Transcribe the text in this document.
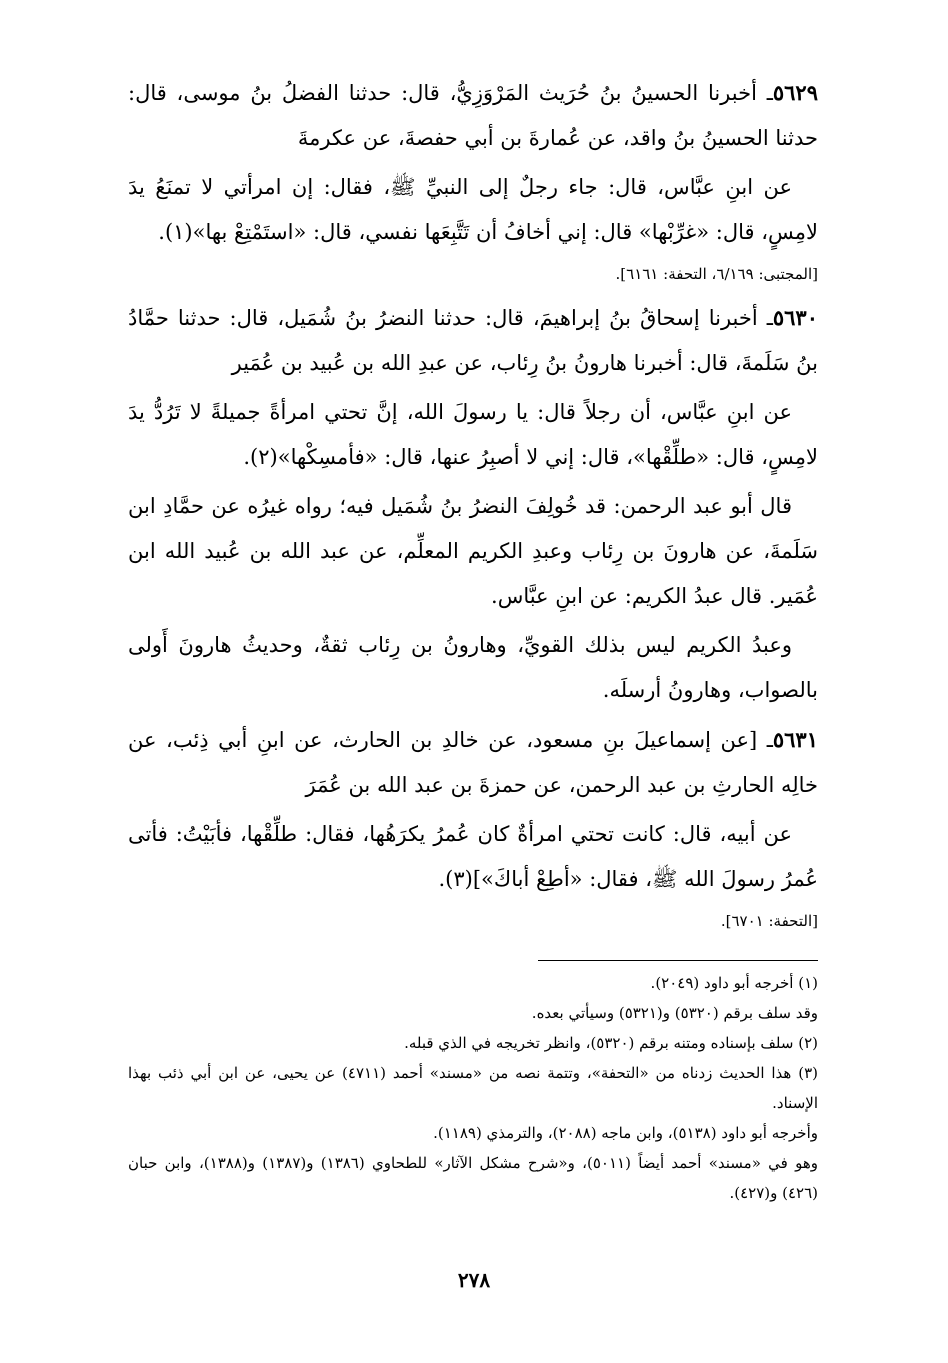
٥٦٢٩ـ أخبرنا الحسينُ بنُ حُرَيث المَرْوَزِيُّ، قال: حدثنا الفضلُ بنُ موسى، قال: حدثنا الحسينُ بنُ واقد، عن عُمارةَ بن أبي حفصةَ، عن عكرمةَ

عن ابنِ عبَّاس، قال: جاء رجلٌ إلى النبيِّ ﷺ، فقال: إن امرأتي لا تمنَعُ يدَ لامِسٍ، قال: «غرِّبْها» قال: إني أخافُ أن تَتَّبِعَها نفسي، قال: «استَمْتِعْ بها»(١).

[المجتبى: ٦/١٦٩، التحفة: ٦١٦١].

٥٦٣٠ـ أخبرنا إسحاقُ بنُ إبراهيمَ، قال: حدثنا النضرُ بنُ شُمَيل، قال: حدثنا حمَّادُ بنُ سَلَمةَ، قال: أخبرنا هارونُ بنُ رِئاب، عن عبدِ الله بن عُبيد بن عُمَير

عن ابنِ عبَّاس، أن رجلاً قال: يا رسولَ الله، إنَّ تحتي امرأةً جميلةً لا تَرُدُّ يدَ لامِسٍ، قال: «طلِّقْها»، قال: إني لا أصبِرُ عنها، قال: «فأمسِكْها»(٢).

قال أبو عبد الرحمن: قد خُولِفَ النضرُ بنُ شُمَيل فيه؛ رواه غيرُه عن حمَّادِ ابن سَلَمةَ، عن هارونَ بن رِئاب وعبدِ الكريم المعلِّم، عن عبد الله بن عُبيد الله ابن عُمَير. قال عبدُ الكريم: عن ابنِ عبَّاس.

وعبدُ الكريم ليس بذلك القويِّ، وهارونُ بن رِئاب ثقةٌ، وحديثُ هارونَ أَولى بالصواب، وهارونُ أرسلَه.

٥٦٣١ـ [عن إسماعيلَ بنِ مسعود، عن خالدِ بن الحارث، عن ابنِ أبي ذِئب، عن خالِه الحارثِ بن عبد الرحمن، عن حمزةَ بن عبد الله بن عُمَرَ

عن أبيه، قال: كانت تحتي امرأةٌ كان عُمرُ يكرَهُها، فقال: طلِّقْها، فأبَيْتُ: فأتى عُمرُ رسولَ الله ﷺ، فقال: «أطِعْ أباكَ»](٣).

[التحفة: ٦٧٠١].

(١) أخرجه أبو داود (٢٠٤٩).

وقد سلف برقم (٥٣٢٠) و(٥٣٢١) وسيأتي بعده.

(٢) سلف بإسناده ومتنه برقم (٥٣٢٠)، وانظر تخريجه في الذي قبله.

(٣) هذا الحديث زدناه من «التحفة»، وتتمة نصه من «مسند» أحمد (٤٧١١) عن يحيى، عن ابن أبي ذئب بهذا الإسناد.

وأخرجه أبو داود (٥١٣٨)، وابن ماجه (٢٠٨٨)، والترمذي (١١٨٩).

وهو في «مسند» أحمد أيضاً (٥٠١١)، و«شرح مشكل الآثار» للطحاوي (١٣٨٦) و(١٣٨٧) و(١٣٨٨)، وابن حبان (٤٢٦) و(٤٢٧).

٢٧٨
